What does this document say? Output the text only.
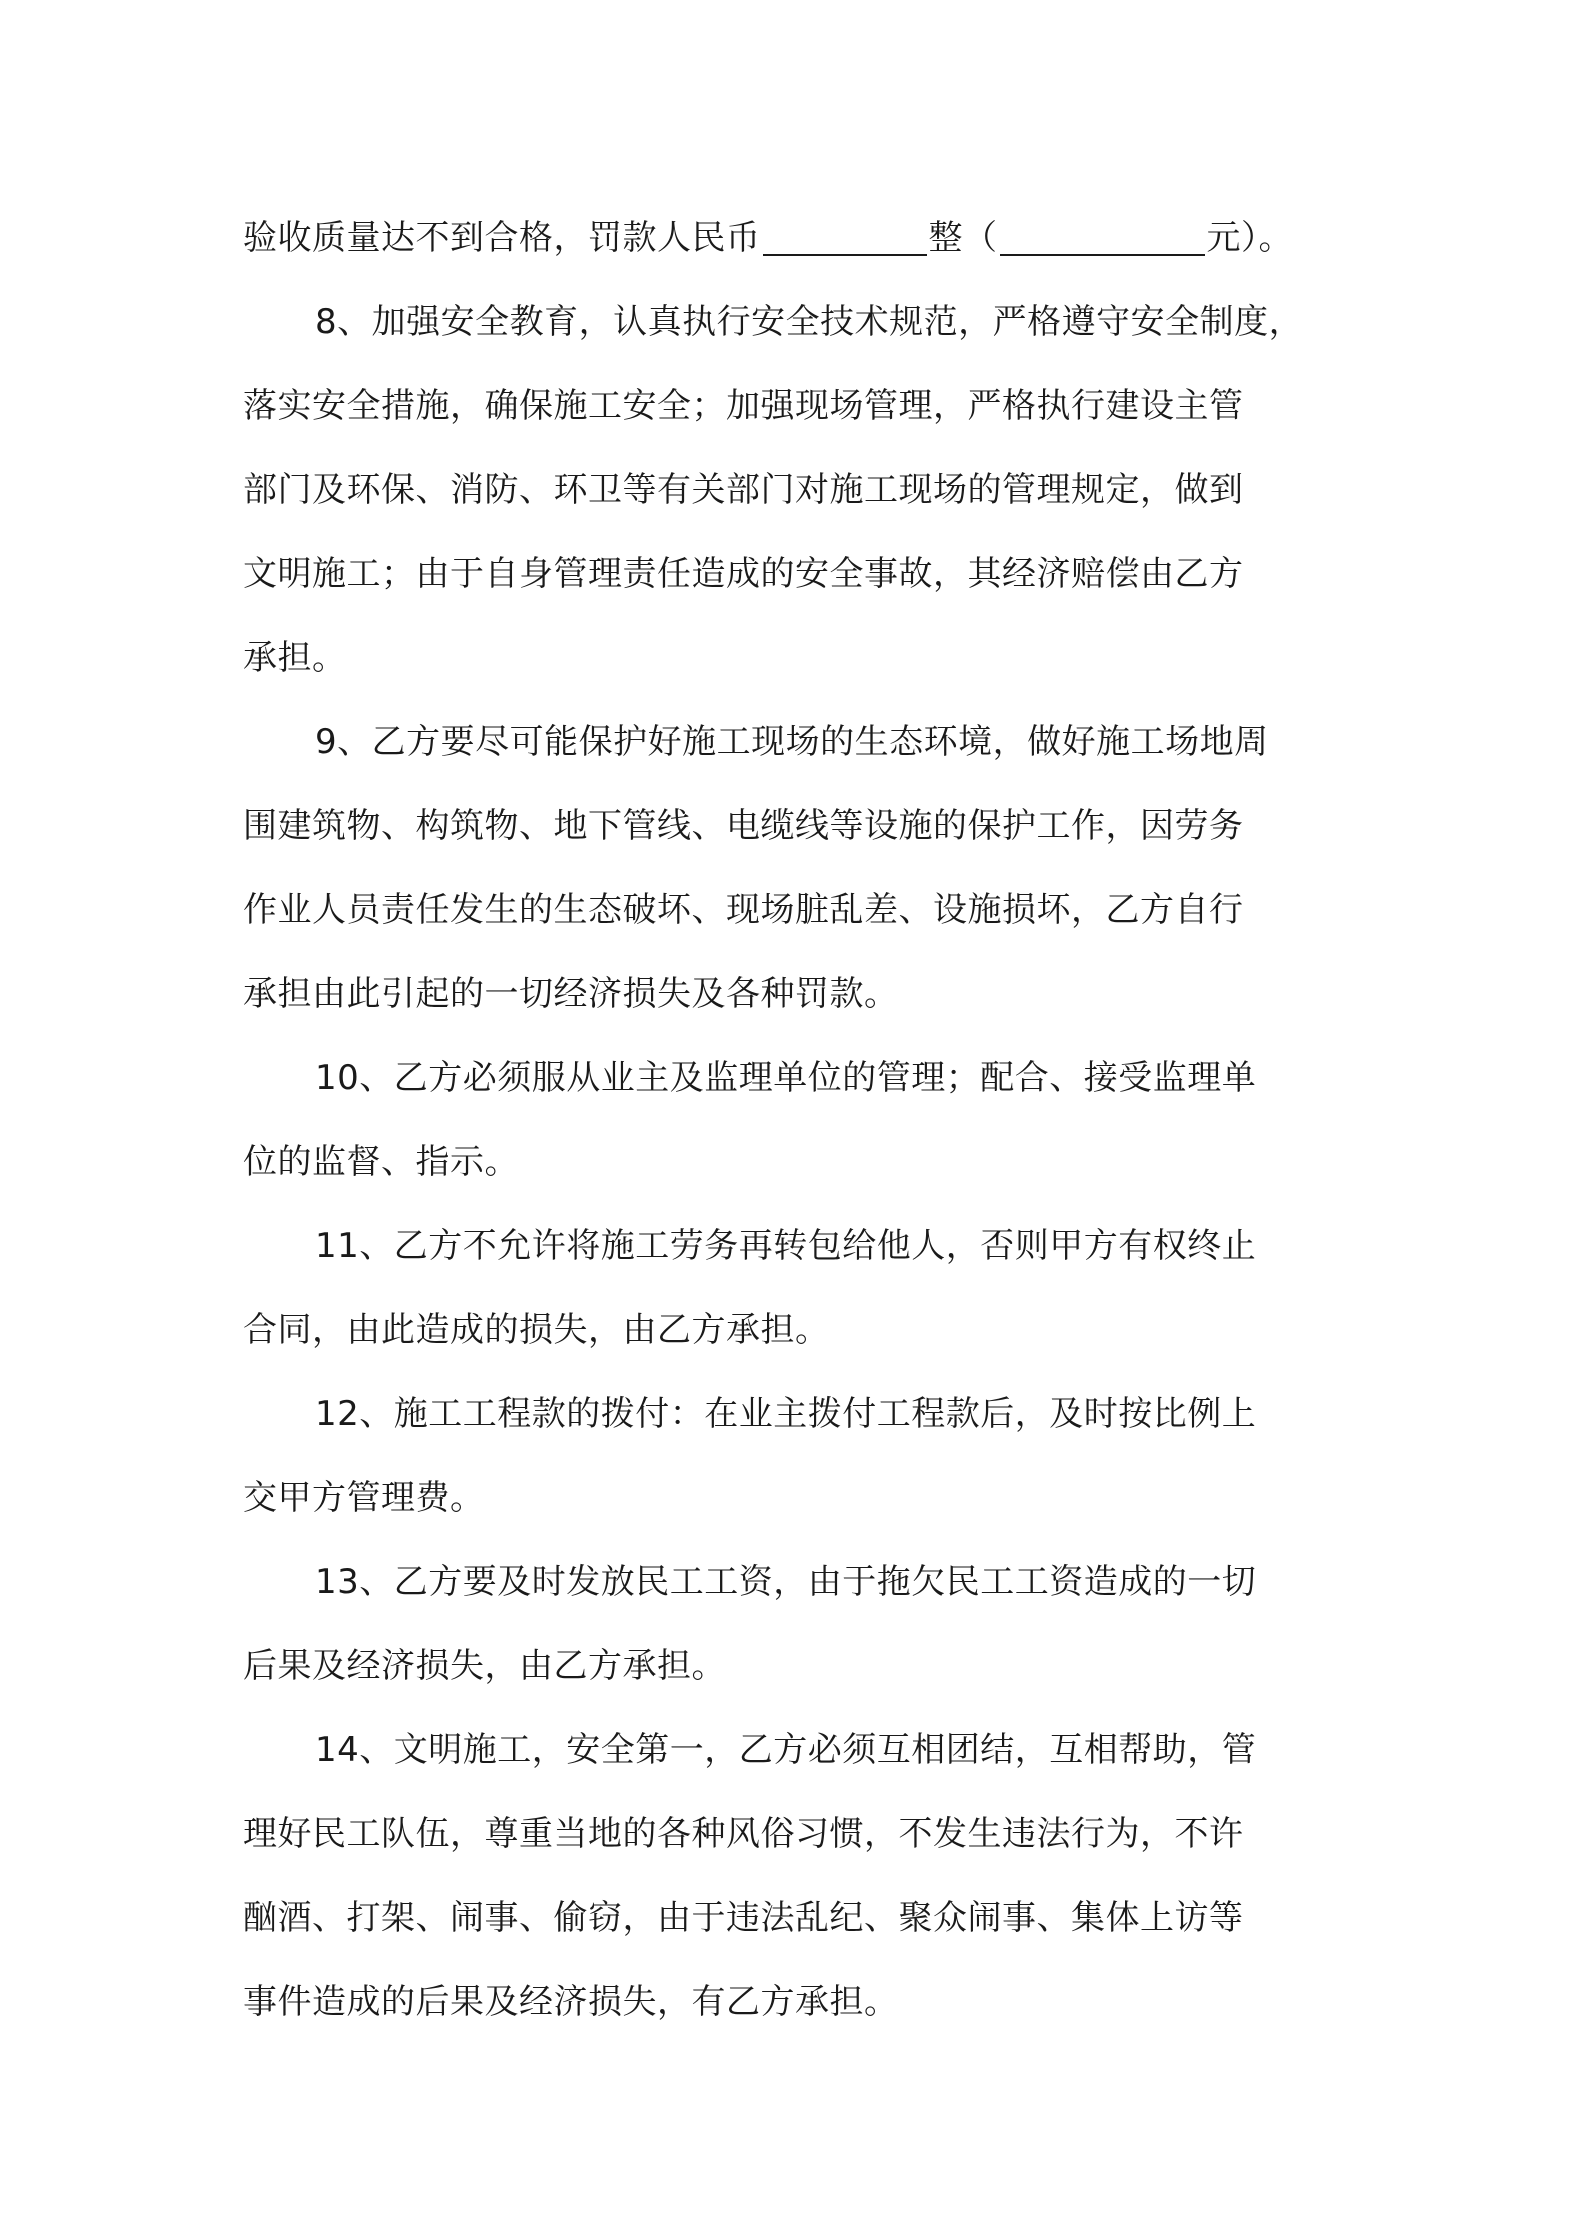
验收质量达不到合格，罚款人民币	整（	元）。
8、加强安全教育，认真执行安全技术规范，严格遵守安全制度，
落实安全措施，确保施工安全；加强现场管理，严格执行建设主管
部门及环保、消防、环卫等有关部门对施工现场的管理规定，做到
文明施工；由于自身管理责任造成的安全事故，其经济赔偿由乙方
承担。
9、乙方要尽可能保护好施工现场的生态环境，做好施工场地周
围建筑物、构筑物、地下管线、电缆线等设施的保护工作，因劳务
作业人员责任发生的生态破坏、现场脏乱差、设施损坏，乙方自行
承担由此引起的一切经济损失及各种罚款。
10、乙方必须服从业主及监理单位的管理；配合、接受监理单
位的监督、指示。
11、乙方不允许将施工劳务再转包给他人，否则甲方有权终止
合同，由此造成的损失，由乙方承担。
12、施工工程款的拨付：在业主拨付工程款后，及时按比例上
交甲方管理费。
13、乙方要及时发放民工工资，由于拖欠民工工资造成的一切
后果及经济损失，由乙方承担。
14、文明施工，安全第一，乙方必须互相团结，互相帮助，管
理好民工队伍，尊重当地的各种风俗习惯，不发生违法行为，不许
酗酒、打架、闹事、偷窃，由于违法乱纪、聚众闹事、集体上访等
事件造成的后果及经济损失，有乙方承担。
